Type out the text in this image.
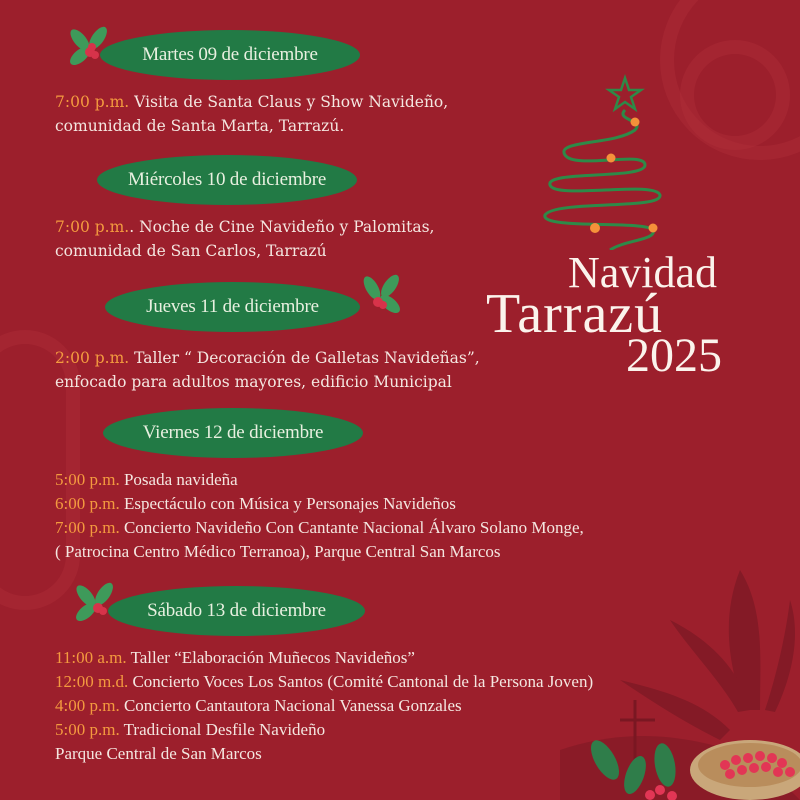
Navidad
Tarrazú
2025
Martes 09 de diciembre
7:00 p.m. Visita de Santa Claus y Show Navideño,
comunidad de Santa Marta, Tarrazú.
Miércoles 10 de diciembre
7:00 p.m.. Noche de Cine Navideño y Palomitas,
comunidad de San Carlos, Tarrazú
Jueves 11 de diciembre
2:00 p.m. Taller “ Decoración de Galletas Navideñas”,
enfocado para adultos mayores, edificio Municipal
Viernes 12 de diciembre
5:00 p.m. Posada navideña
6:00 p.m. Espectáculo con Música y Personajes Navideños
7:00 p.m. Concierto Navideño Con Cantante Nacional Álvaro Solano Monge,
( Patrocina Centro Médico Terranoa), Parque Central San Marcos
Sábado 13 de diciembre
11:00 a.m. Taller “Elaboración Muñecos Navideños”
12:00 m.d. Concierto Voces Los Santos (Comité Cantonal de la Persona Joven)
4:00 p.m. Concierto Cantautora Nacional Vanessa Gonzales
5:00 p.m. Tradicional Desfile Navideño
Parque Central de San Marcos
